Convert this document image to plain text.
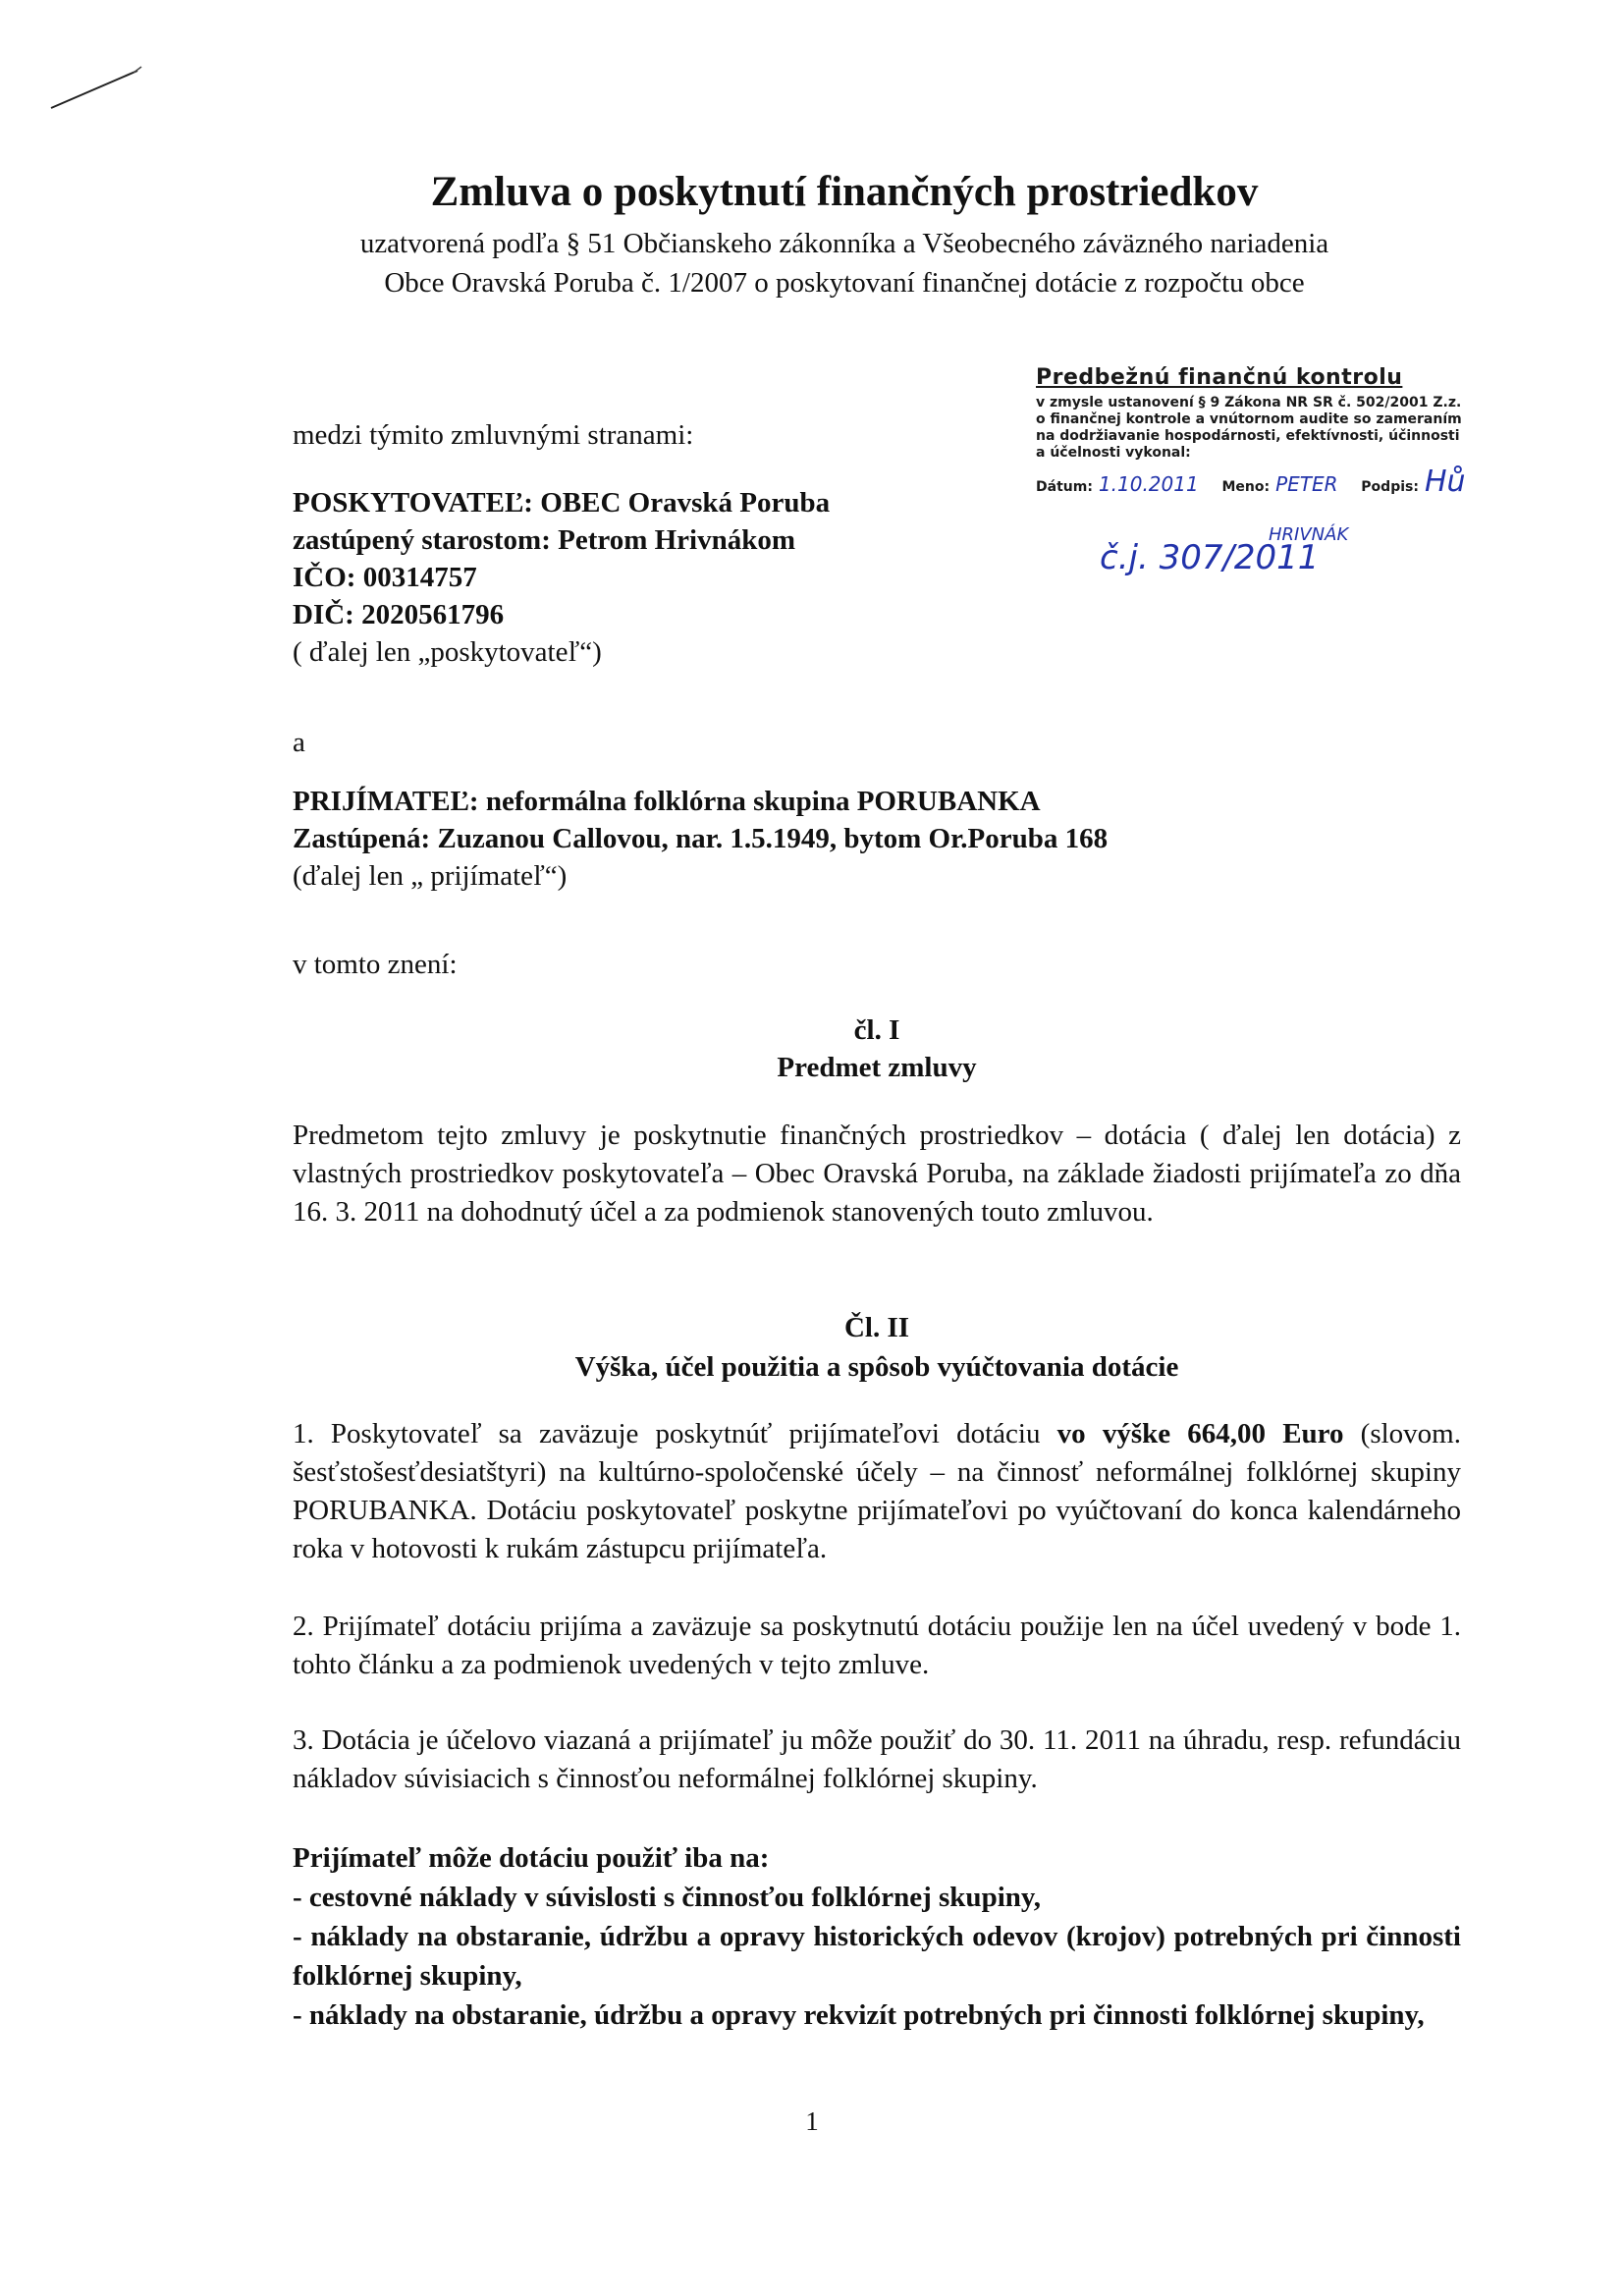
Zmluva o poskytnutí finančných prostriedkov

uzatvorená podľa § 51 Občianskeho zákonníka a Všeobecného záväzného nariadenia

Obce Oravská Poruba č. 1/2007 o poskytovaní finančnej dotácie z rozpočtu obce

Predbežnú finančnú kontrolu

v zmysle ustanovení § 9 Zákona NR SR č. 502/2001 Z.z.

o finančnej kontrole a vnútornom audite so zameraním

na dodržiavanie hospodárnosti, efektívnosti, účinnosti

a účelnosti vykonal:

Dátum: 1.10.2011 Meno: PETER Podpis: Hů
HRIVNÁK
č.j. 307/2011
medzi týmito zmluvnými stranami:

POSKYTOVATEĽ: OBEC Oravská Poruba

zastúpený starostom: Petrom Hrivnákom

IČO: 00314757

DIČ: 2020561796

( ďalej len „poskytovateľ“)
a

PRIJÍMATEĽ: neformálna folklórna skupina PORUBANKA

Zastúpená: Zuzanou Callovou, nar. 1.5.1949, bytom Or.Poruba 168

(ďalej len „ prijímateľ“)
v tomto znení:
čl. I
Predmet zmluvy
Predmetom tejto zmluvy je poskytnutie finančných prostriedkov – dotácia ( ďalej len dotácia) z vlastných prostriedkov poskytovateľa – Obec Oravská Poruba, na základe žiadosti prijímateľa zo dňa 16. 3. 2011 na dohodnutý účel a za podmienok stanovených touto zmluvou.
Čl. II
Výška, účel použitia a spôsob vyúčtovania dotácie
1. Poskytovateľ sa zaväzuje poskytnúť prijímateľovi dotáciu vo výške 664,00 Euro (slovom. šesťstošesťdesiatštyri) na kultúrno-spoločenské účely – na činnosť neformálnej folklórnej skupiny PORUBANKA. Dotáciu poskytovateľ poskytne prijímateľovi po vyúčtovaní do konca kalendárneho roka v hotovosti k rukám zástupcu prijímateľa.
2. Prijímateľ dotáciu prijíma a zaväzuje sa poskytnutú dotáciu použije len na účel uvedený v bode 1. tohto článku a za podmienok uvedených v tejto zmluve.
3. Dotácia je účelovo viazaná a prijímateľ ju môže použiť do 30. 11. 2011 na úhradu, resp. refundáciu nákladov súvisiacich s činnosťou neformálnej folklórnej skupiny.

Prijímateľ môže dotáciu použiť iba na:

- cestovné náklady v súvislosti s činnosťou folklórnej skupiny,

- náklady na obstaranie, údržbu a opravy historických odevov (krojov) potrebných pri činnosti folklórnej skupiny,

- náklady na obstaranie, údržbu a opravy rekvizít potrebných pri činnosti folklórnej skupiny,

1
